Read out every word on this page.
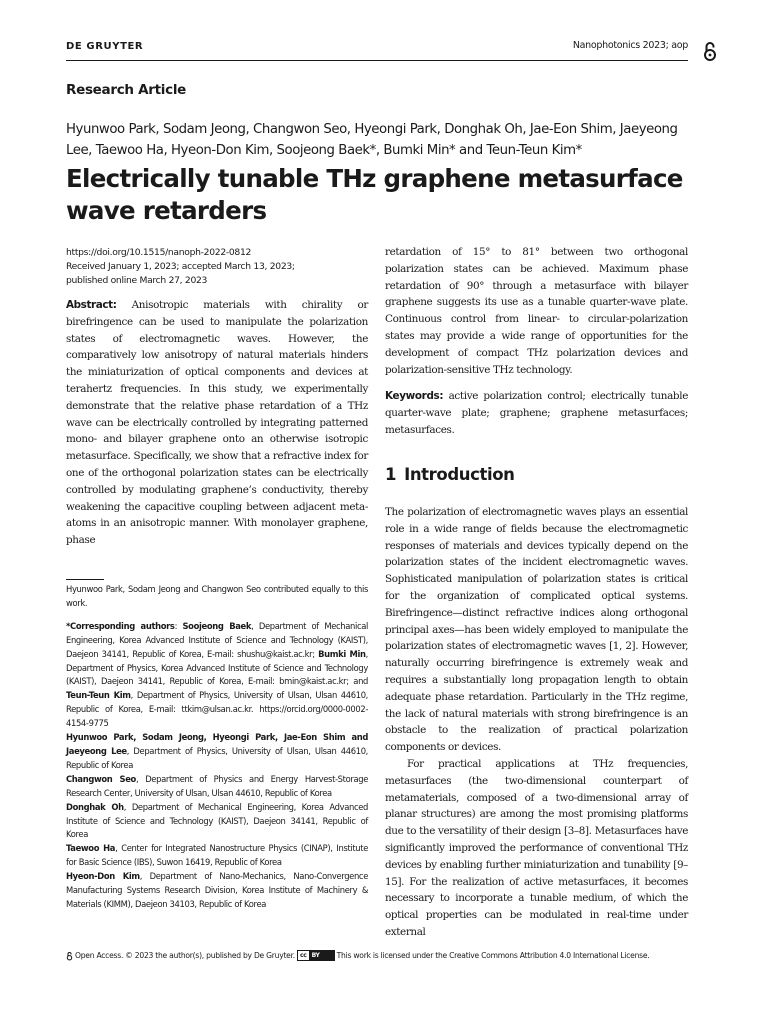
DE GRUYTER	Nanophotonics 2023; aop
Research Article
Hyunwoo Park, Sodam Jeong, Changwon Seo, Hyeongi Park, Donghak Oh, Jae-Eon Shim, Jaeyeong Lee, Taewoo Ha, Hyeon-Don Kim, Soojeong Baek*, Bumki Min* and Teun-Teun Kim*
Electrically tunable THz graphene metasurface wave retarders
https://doi.org/10.1515/nanoph-2022-0812
Received January 1, 2023; accepted March 13, 2023;
published online March 27, 2023
Abstract: Anisotropic materials with chirality or birefringence can be used to manipulate the polarization states of electromagnetic waves. However, the comparatively low anisotropy of natural materials hinders the miniaturization of optical components and devices at terahertz frequencies. In this study, we experimentally demonstrate that the relative phase retardation of a THz wave can be electrically controlled by integrating patterned mono- and bilayer graphene onto an otherwise isotropic metasurface. Specifically, we show that a refractive index for one of the orthogonal polarization states can be electrically controlled by modulating graphene’s conductivity, thereby weakening the capacitive coupling between adjacent meta-atoms in an anisotropic manner. With monolayer graphene, phase

Hyunwoo Park, Sodam Jeong and Changwon Seo contributed equally to this work.

*Corresponding authors: Soojeong Baek, Department of Mechanical Engineering, Korea Advanced Institute of Science and Technology (KAIST), Daejeon 34141, Republic of Korea, E-mail: shushu@kaist.ac.kr; Bumki Min, Department of Physics, Korea Advanced Institute of Science and Technology (KAIST), Daejeon 34141, Republic of Korea, E-mail: bmin@kaist.ac.kr; and Teun-Teun Kim, Department of Physics, University of Ulsan, Ulsan 44610, Republic of Korea, E-mail: ttkim@ulsan.ac.kr. https://orcid.org/0000-0002-4154-9775

Hyunwoo Park, Sodam Jeong, Hyeongi Park, Jae-Eon Shim and Jaeyeong Lee, Department of Physics, University of Ulsan, Ulsan 44610, Republic of Korea

Changwon Seo, Department of Physics and Energy Harvest-Storage Research Center, University of Ulsan, Ulsan 44610, Republic of Korea

Donghak Oh, Department of Mechanical Engineering, Korea Advanced Institute of Science and Technology (KAIST), Daejeon 34141, Republic of Korea

Taewoo Ha, Center for Integrated Nanostructure Physics (CINAP), Institute for Basic Science (IBS), Suwon 16419, Republic of Korea

Hyeon-Don Kim, Department of Nano-Mechanics, Nano-Convergence Manufacturing Systems Research Division, Korea Institute of Machinery & Materials (KIMM), Daejeon 34103, Republic of Korea

retardation of 15° to 81° between two orthogonal polarization states can be achieved. Maximum phase retardation of 90° through a metasurface with bilayer graphene suggests its use as a tunable quarter-wave plate. Continuous control from linear- to circular-polarization states may provide a wide range of opportunities for the development of compact THz polarization devices and polarization-sensitive THz technology.

Keywords: active polarization control; electrically tunable quarter-wave plate; graphene; graphene metasurfaces; metasurfaces.
1 Introduction

The polarization of electromagnetic waves plays an essential role in a wide range of fields because the electromagnetic responses of materials and devices typically depend on the polarization states of the incident electromagnetic waves. Sophisticated manipulation of polarization states is critical for the organization of complicated optical systems. Birefringence—distinct refractive indices along orthogonal principal axes—has been widely employed to manipulate the polarization states of electromagnetic waves [1, 2]. However, naturally occurring birefringence is extremely weak and requires a substantially long propagation length to obtain adequate phase retardation. Particularly in the THz regime, the lack of natural materials with strong birefringence is an obstacle to the realization of practical polarization components or devices.

For practical applications at THz frequencies, metasurfaces (the two-dimensional counterpart of metamaterials, composed of a two-dimensional array of planar structures) are among the most promising platforms due to the versatility of their design [3–8]. Metasurfaces have significantly improved the performance of conventional THz devices by enabling further miniaturization and tunability [9–15]. For the realization of active metasurfaces, it becomes necessary to incorporate a tunable medium, of which the optical properties can be modulated in real-time under external

Open Access. © 2023 the author(s), published by De Gruyter. cc BY	This work is licensed under the Creative Commons Attribution 4.0 International License.
